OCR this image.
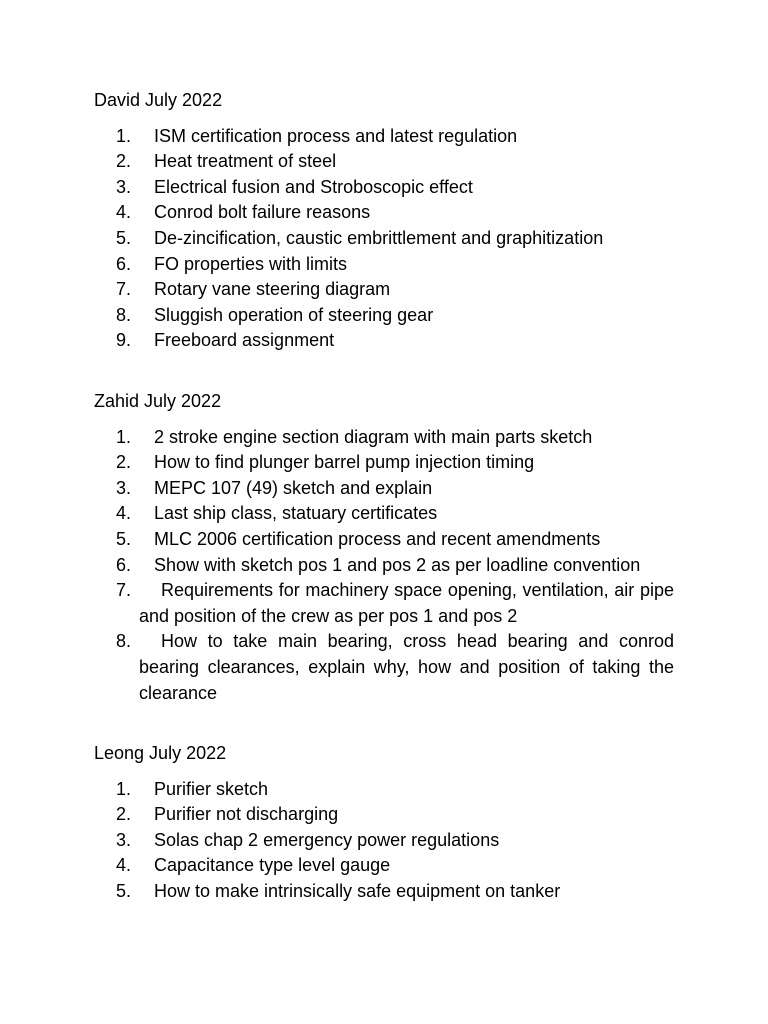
David July 2022
1. ISM certification process and latest regulation
2. Heat treatment of steel
3. Electrical fusion and Stroboscopic effect
4. Conrod bolt failure reasons
5. De-zincification, caustic embrittlement and graphitization
6. FO properties with limits
7. Rotary vane steering diagram
8. Sluggish operation of steering gear
9. Freeboard assignment
Zahid July 2022
1. 2 stroke engine section diagram with main parts sketch
2. How to find plunger barrel pump injection timing
3. MEPC 107 (49) sketch and explain
4. Last ship class, statuary certificates
5. MLC 2006 certification process and recent amendments
6. Show with sketch pos 1 and pos 2 as per loadline convention
7.	Requirements for machinery space opening, ventilation, air pipe and position of the crew as per pos 1 and pos 2
8.	How to take main bearing, cross head bearing and conrod bearing clearances, explain why, how and position of taking the clearance
Leong July 2022
1. Purifier sketch
2. Purifier not discharging
3. Solas chap 2 emergency power regulations
4. Capacitance type level gauge
5. How to make intrinsically safe equipment on tanker
